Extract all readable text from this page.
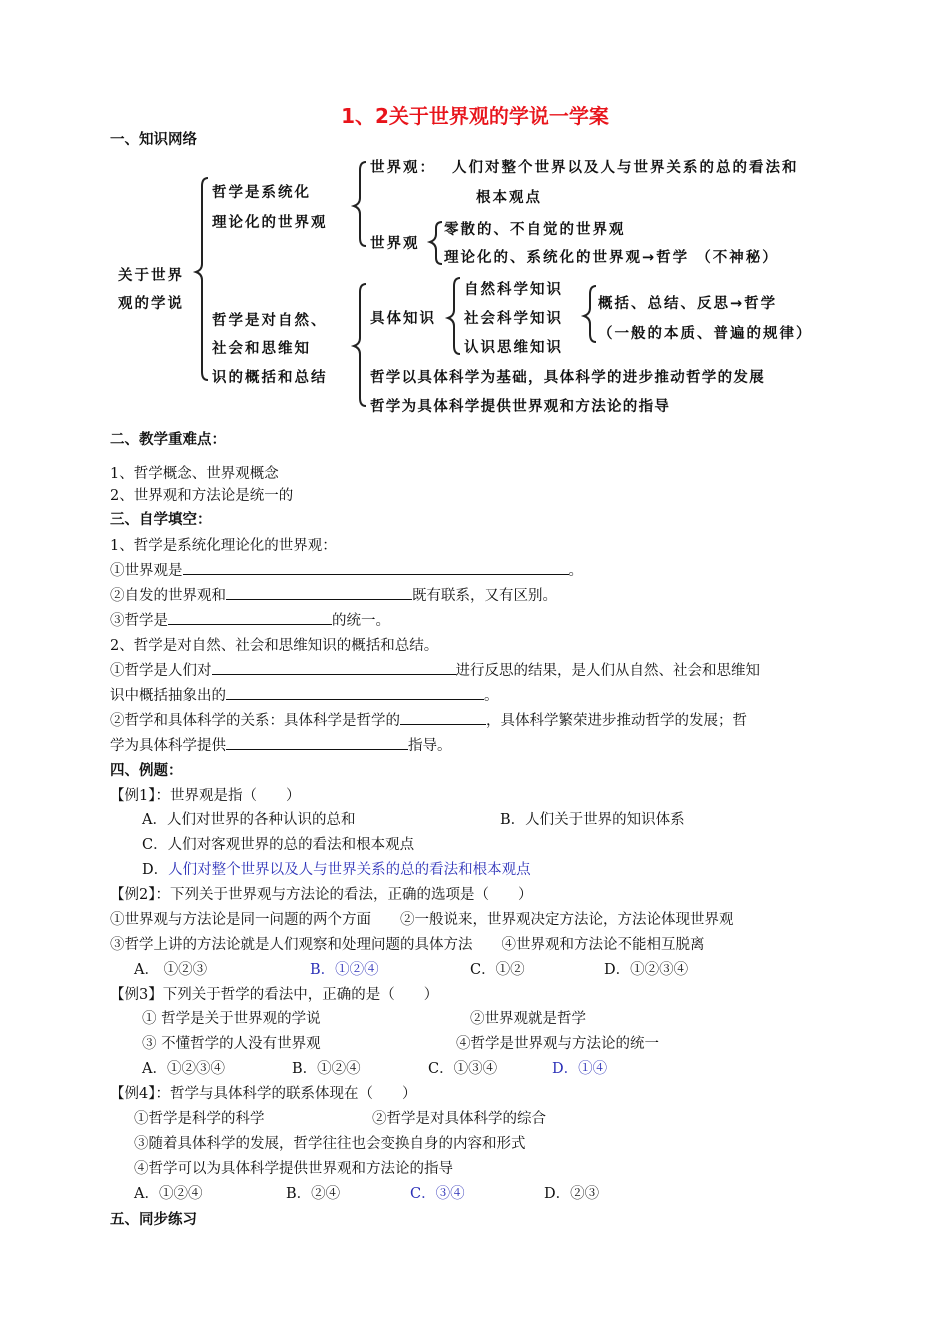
1、2关于世界观的学说一学案
一、知识网络
关于世界
观的学说
哲学是系统化
理论化的世界观
世界观： 人们对整个世界以及人与世界关系的总的看法和
根本观点
世界观
零散的、不自觉的世界观
理论化的、系统化的世界观→哲学 （不神秘）
哲学是对自然、
社会和思维知
识的概括和总结
具体知识
自然科学知识
社会科学知识
认识思维知识
概括、总结、反思→哲学
（一般的本质、普遍的规律）
哲学以具体科学为基础，具体科学的进步推动哲学的发展
哲学为具体科学提供世界观和方法论的指导
二、教学重难点：
1、哲学概念、世界观概念
2、世界观和方法论是统一的
三、自学填空：
1、哲学是系统化理论化的世界观：
①世界观是	。
②自发的世界观和	既有联系，又有区别。
③哲学是	的统一。
2、哲学是对自然、社会和思维知识的概括和总结。
①哲学是人们对	进行反思的结果，是人们从自然、社会和思维知
识中概括抽象出的	。
②哲学和具体科学的关系：具体科学是哲学的	，具体科学繁荣进步推动哲学的发展；哲
学为具体科学提供	指导。
四、例题：
【例1】：世界观是指（　　）
A．人们对世界的各种认识的总和	B．人们关于世界的知识体系
C．人们对客观世界的总的看法和根本观点
D．人们对整个世界以及人与世界关系的总的看法和根本观点
【例2】：下列关于世界观与方法论的看法，正确的选项是（　　）
①世界观与方法论是同一问题的两个方面　　②一般说来，世界观决定方法论，方法论体现世界观
③哲学上讲的方法论就是人们观察和处理问题的具体方法　　④世界观和方法论不能相互脱离
A． ①②③	B．①②④	C．①②	D．①②③④
【例3】下列关于哲学的看法中，正确的是（　　）
① 哲学是关于世界观的学说	②世界观就是哲学
③ 不懂哲学的人没有世界观	④哲学是世界观与方法论的统一
A．①②③④	B．①②④	C．①③④	D．①④
【例4】：哲学与具体科学的联系体现在（　　）
①哲学是科学的科学	②哲学是对具体科学的综合
③随着具体科学的发展，哲学往往也会变换自身的内容和形式
④哲学可以为具体科学提供世界观和方法论的指导
A．①②④	B．②④	C．③④	D．②③
五、同步练习
